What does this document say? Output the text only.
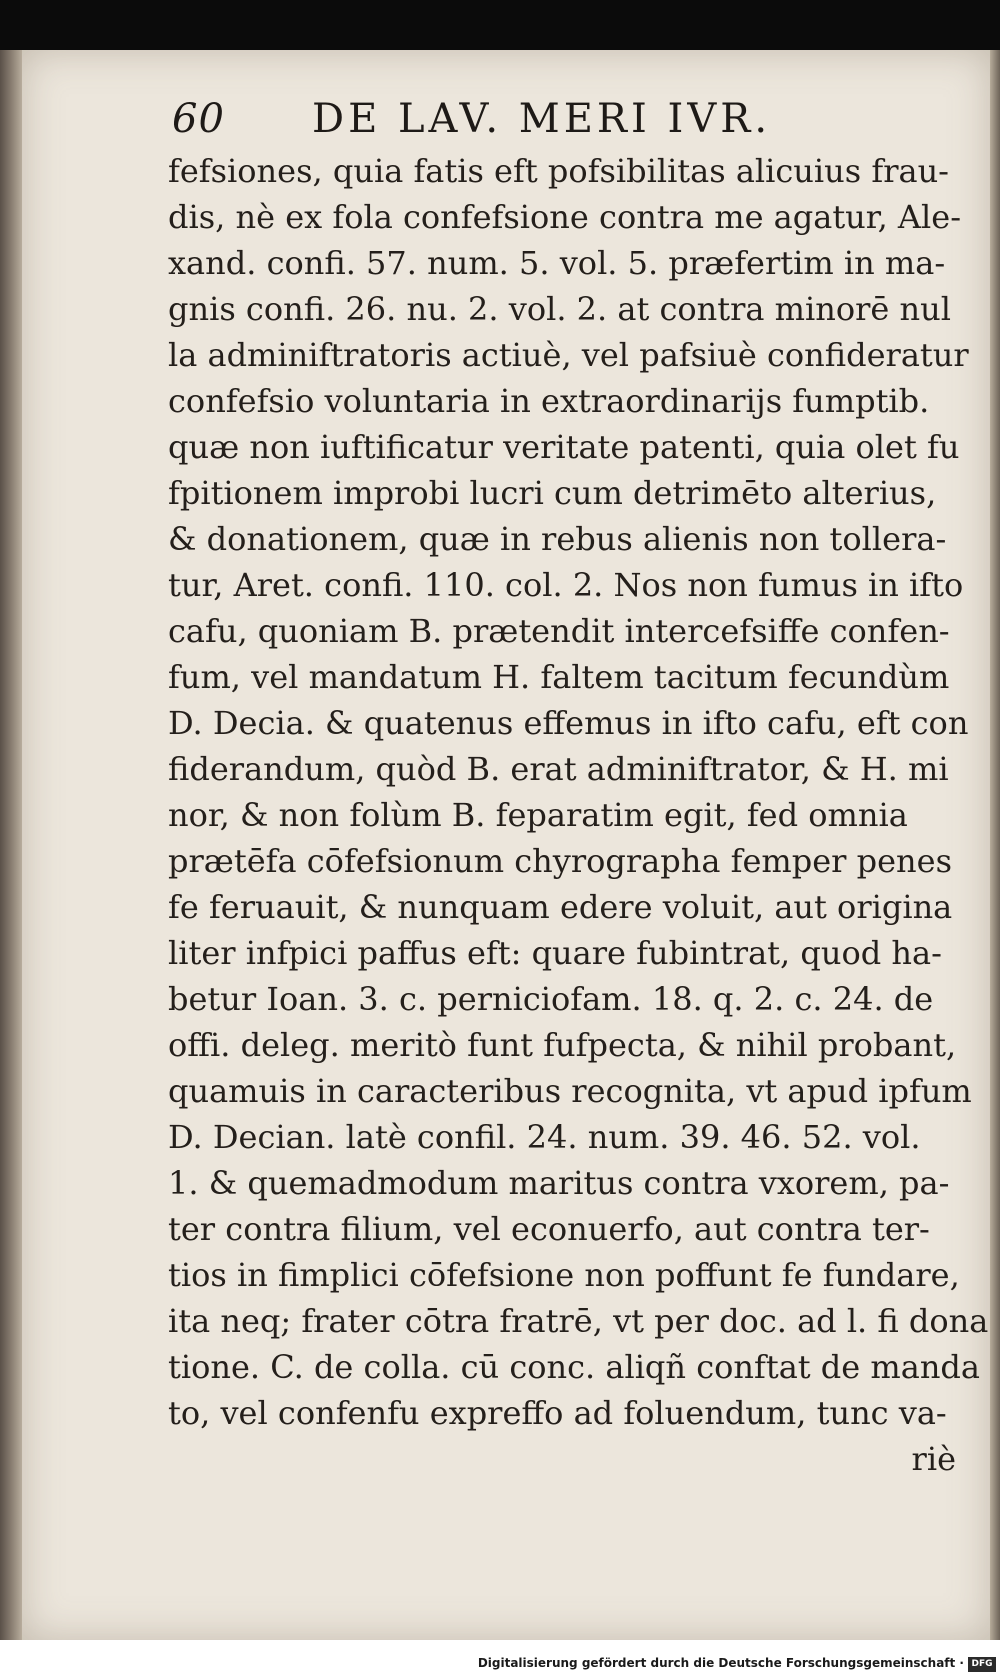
60 DE LAV. MERI IVR.
fefsiones, quia fatis eft pofsibilitas alicuius frau-
dis, nè ex fola confefsione contra me agatur, Ale-
xand. confi. 57. num. 5. vol. 5. præfertim in ma-
gnis confi. 26. nu. 2. vol. 2. at contra minorē nul
la adminiftratoris actiuè, vel pafsiuè confideratur
confefsio voluntaria in extraordinarijs fumptib.
quæ non iuftificatur veritate patenti, quia olet fu
fpitionem improbi lucri cum detrimēto alterius,
& donationem, quæ in rebus alienis non tollera-
tur, Aret. confi. 110. col. 2. Nos non fumus in ifto
cafu, quoniam B. prætendit intercefsiffe confen-
fum, vel mandatum H. faltem tacitum fecundùm
D. Decia. & quatenus effemus in ifto cafu, eft con
fiderandum, quòd B. erat adminiftrator, & H. mi
nor, & non folùm B. feparatim egit, fed omnia
prætēfa cōfefsionum chyrographa femper penes
fe feruauit, & nunquam edere voluit, aut origina
liter infpici paffus eft: quare fubintrat, quod ha-
betur Ioan. 3. c. perniciofam. 18. q. 2. c. 24. de
offi. deleg. meritò funt fufpecta, & nihil probant,
quamuis in caracteribus recognita, vt apud ipfum
D. Decian. latè confil. 24. num. 39. 46. 52. vol.
1. & quemadmodum maritus contra vxorem, pa-
ter contra filium, vel econuerfo, aut contra ter-
tios in fimplici cōfefsione non poffunt fe fundare,
ita neq; frater cōtra fratrē, vt per doc. ad l. fi dona
tione. C. de colla. cū conc. aliqñ conftat de manda
to, vel confenfu expreffo ad foluendum, tunc va-
riè
Digitalisierung gefördert durch die Deutsche Forschungsgemeinschaft · DFG
